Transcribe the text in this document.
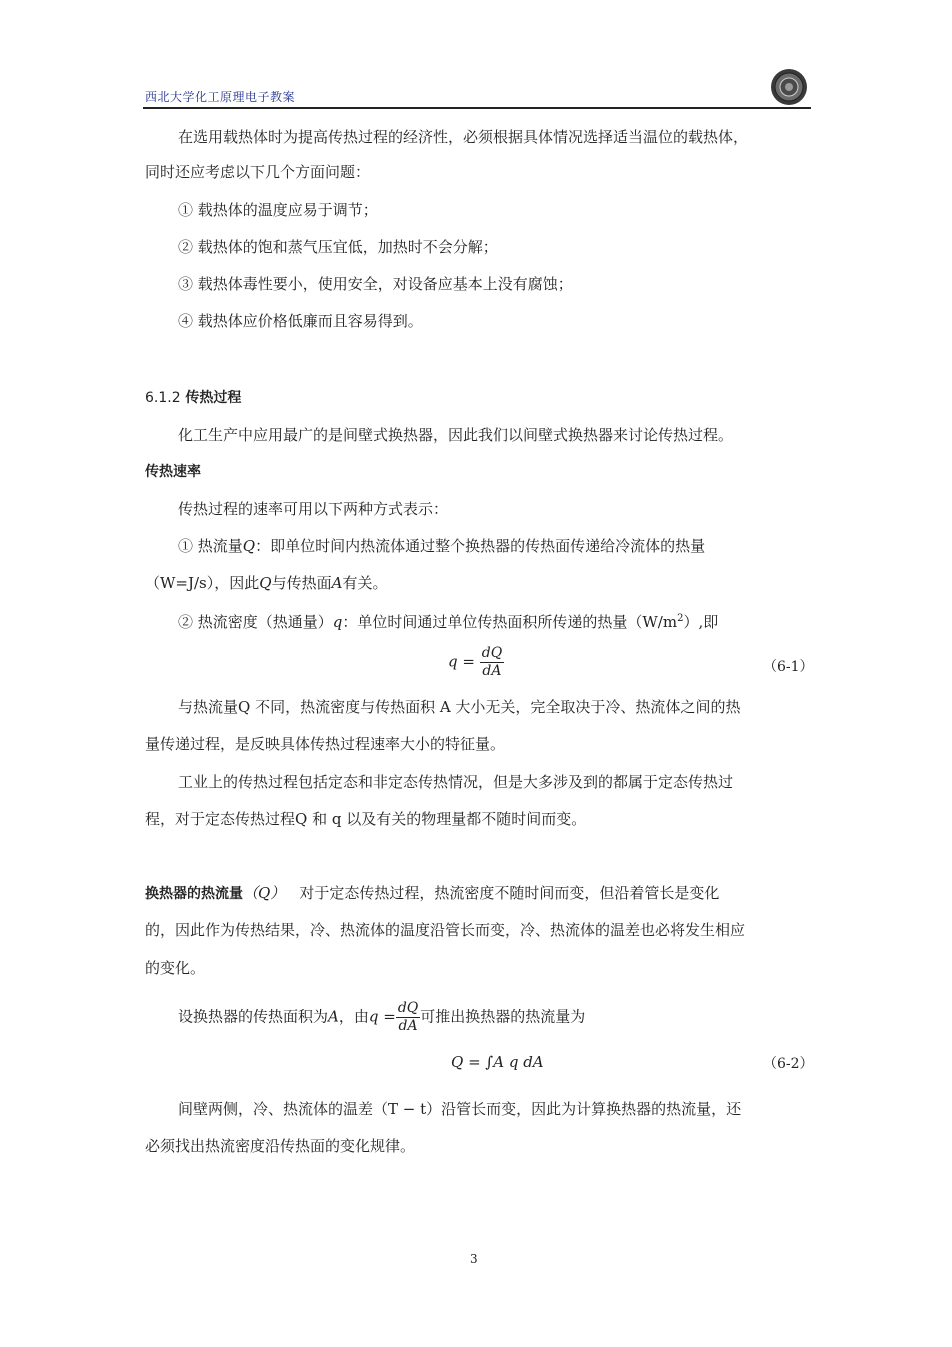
西北大学化工原理电子教案
在选用载热体时为提高传热过程的经济性，必须根据具体情况选择适当温位的载热体，
同时还应考虑以下几个方面问题：
① 载热体的温度应易于调节；
② 载热体的饱和蒸气压宜低，加热时不会分解；
③ 载热体毒性要小，使用安全，对设备应基本上没有腐蚀；
④ 载热体应价格低廉而且容易得到。
6.1.2 传热过程
化工生产中应用最广的是间壁式换热器，因此我们以间壁式换热器来讨论传热过程。
传热速率
传热过程的速率可用以下两种方式表示：
① 热流量Q：即单位时间内热流体通过整个换热器的传热面传递给冷流体的热量
（W=J/s），因此Q与传热面A有关。
② 热流密度（热通量）q：单位时间通过单位传热面积所传递的热量$(W/m^2)$,即
$q = \frac{dQ}{dA}$	（6-1）
与热流量Q 不同，热流密度与传热面积 A 大小无关，完全取决于冷、热流体之间的热
量传递过程，是反映具体传热过程速率大小的特征量。
工业上的传热过程包括定态和非定态传热情况，但是大多涉及到的都属于定态传热过
程，对于定态传热过程Q 和 q 以及有关的物理量都不随时间而变。
换热器的热流量（Q） 对于定态传热过程，热流密度不随时间而变，但沿着管长是变化
的，因此作为传热结果，冷、热流体的温度沿管长而变，冷、热流体的温差也必将发生相应
的变化。
设换热器的传热面积为A，由$q = \frac{dQ}{dA}$ 可推出换热器的热流量为
Q = ∫A q dA	（6-2）
间壁两侧，冷、热流体的温差（T − t）沿管长而变，因此为计算换热器的热流量，还
必须找出热流密度沿传热面的变化规律。
3
